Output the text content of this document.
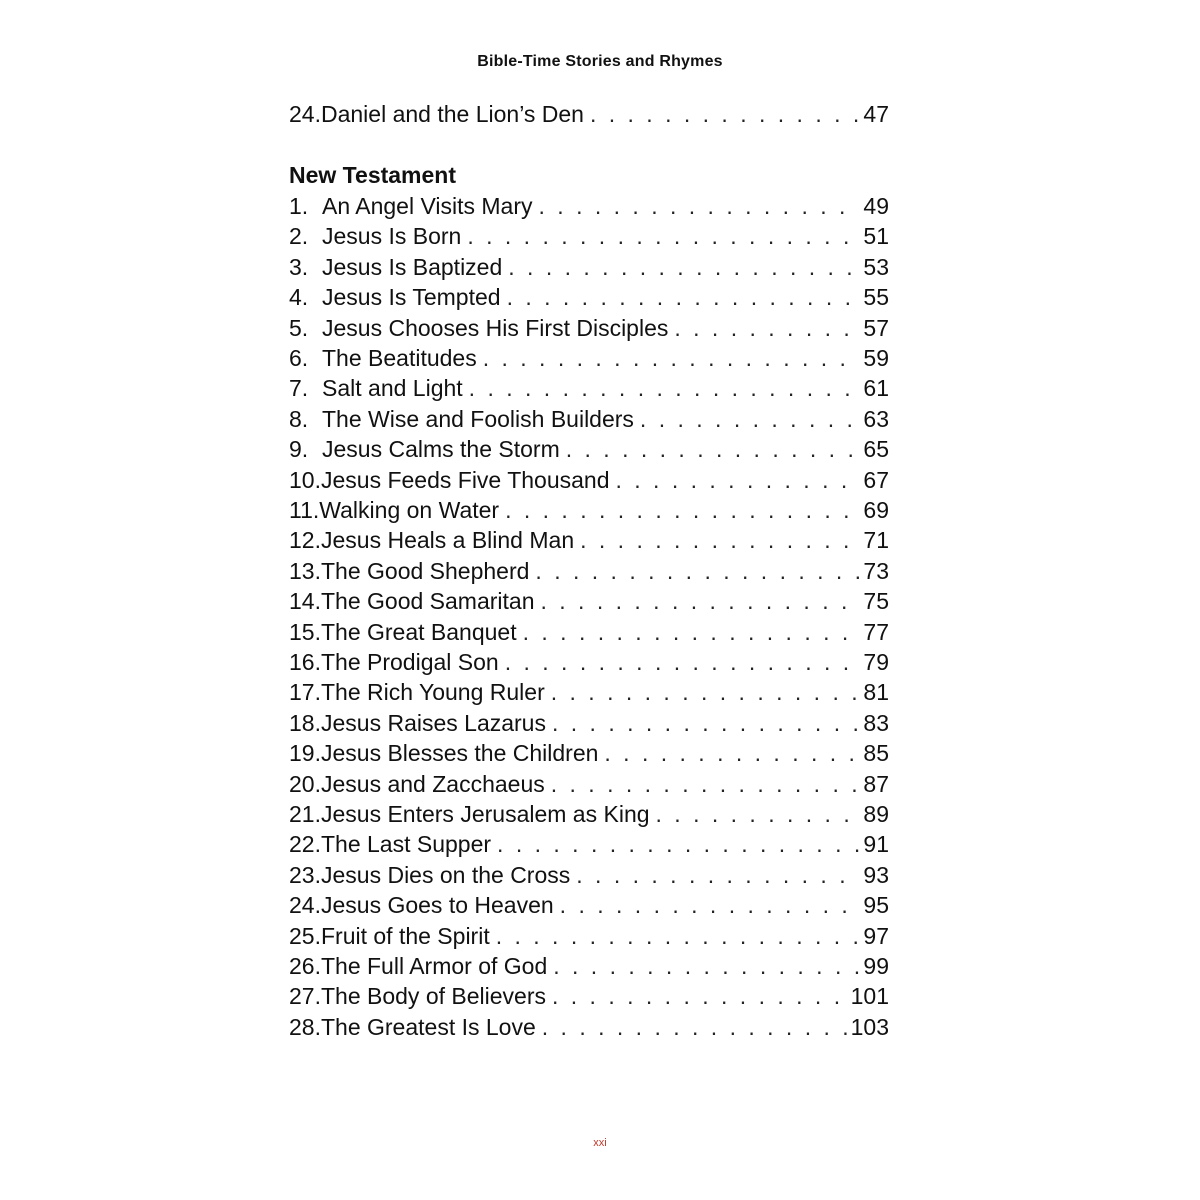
Bible-Time Stories and Rhymes
24. Daniel and the Lion’s Den . . .	47
New Testament
1. An Angel Visits Mary . . .	49
2. Jesus Is Born . . .	51
3. Jesus Is Baptized . . .	53
4. Jesus Is Tempted . . .	55
5. Jesus Chooses His First Disciples . . .	57
6. The Beatitudes . . .	59
7. Salt and Light . . .	61
8. The Wise and Foolish Builders . . .	63
9. Jesus Calms the Storm . . .	65
10. Jesus Feeds Five Thousand . . .	67
11. Walking on Water . . .	69
12. Jesus Heals a Blind Man . . .	71
13. The Good Shepherd . . .	73
14. The Good Samaritan . . .	75
15. The Great Banquet . . .	77
16. The Prodigal Son . . .	79
17. The Rich Young Ruler . . .	81
18. Jesus Raises Lazarus . . .	83
19. Jesus Blesses the Children . . .	85
20. Jesus and Zacchaeus . . .	87
21. Jesus Enters Jerusalem as King . . .	89
22. The Last Supper . . .	91
23. Jesus Dies on the Cross . . .	93
24. Jesus Goes to Heaven . . .	95
25. Fruit of the Spirit . . .	97
26. The Full Armor of God . . .	99
27. The Body of Believers . . .	101
28. The Greatest Is Love . . .	103
xxi
